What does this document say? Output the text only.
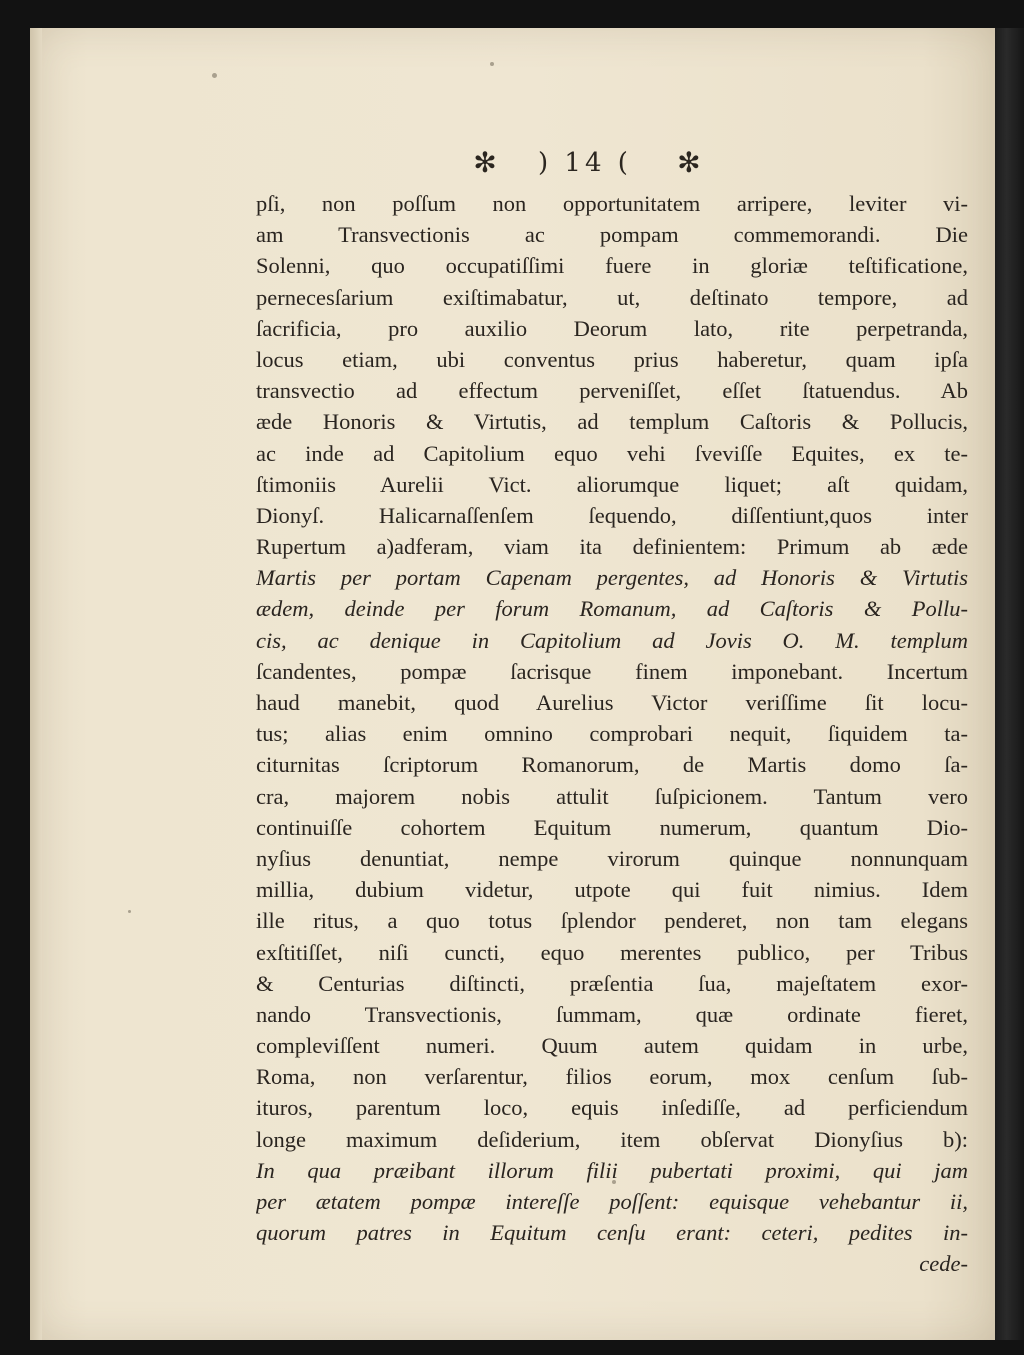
✻ ) 14 ( ✻
pſi, non poſſum non opportunitatem arripere, leviter vi-
am Transvectionis ac pompam commemorandi. Die
Solenni, quo occupatiſſimi fuere in gloriæ teſtificatione,
pernecesſarium exiſtimabatur, ut, deſtinato tempore, ad
ſacrificia, pro auxilio Deorum lato, rite perpetranda,
locus etiam, ubi conventus prius haberetur, quam ipſa
transvectio ad effectum perveniſſet, eſſet ſtatuendus. Ab
æde Honoris & Virtutis, ad templum Caſtoris & Pollucis,
ac inde ad Capitolium equo vehi ſveviſſe Equites, ex te-
ſtimoniis Aurelii Vict. aliorumque liquet; aſt quidam,
Dionyſ. Halicarnaſſenſem ſequendo, diſſentiunt,quos inter
Rupertum a)adferam, viam ita definientem: Primum ab æde
Martis per portam Capenam pergentes, ad Honoris & Virtutis
ædem, deinde per forum Romanum, ad Caſtoris & Pollu-
cis, ac denique in Capitolium ad Jovis O. M. templum
ſcandentes, pompæ ſacrisque finem imponebant. Incertum
haud manebit, quod Aurelius Victor veriſſime ſit locu-
tus; alias enim omnino comprobari nequit, ſiquidem ta-
citurnitas ſcriptorum Romanorum, de Martis domo ſa-
cra, majorem nobis attulit ſuſpicionem. Tantum vero
continuiſſe cohortem Equitum numerum, quantum Dio-
nyſius denuntiat, nempe virorum quinque nonnunquam
millia, dubium videtur, utpote qui fuit nimius. Idem
ille ritus, a quo totus ſplendor penderet, non tam elegans
exſtitiſſet, niſi cuncti, equo merentes publico, per Tribus
& Centurias diſtincti, præſentia ſua, majeſtatem exor-
nando Transvectionis, ſummam, quæ ordinate fieret,
compleviſſent numeri. Quum autem quidam in urbe,
Roma, non verſarentur, filios eorum, mox cenſum ſub-
ituros, parentum loco, equis inſediſſe, ad perficiendum
longe maximum deſiderium, item obſervat Dionyſius b):
In qua præibant illorum filii pubertati proximi, qui jam
per ætatem pompæ intereſſe poſſent: equisque vehebantur ii,
quorum patres in Equitum cenſu erant: ceteri, pedites in-
cede-
